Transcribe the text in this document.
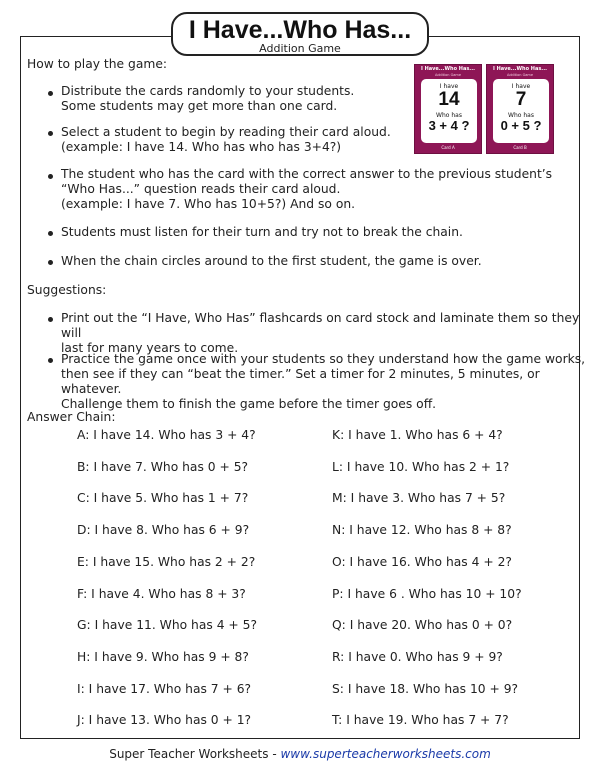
I Have...Who Has...
Addition Game
How to play the game:
Distribute the cards randomly to your students.
Some students may get more than one card.
Select a student to begin by reading their card aloud.
(example: I have 14. Who has who has 3+4?)
The student who has the card with the correct answer to the previous student’s
“Who Has...” question reads their card aloud.
(example: I have 7. Who has 10+5?) And so on.
Students must listen for their turn and try not to break the chain.
When the chain circles around to the first student, the game is over.
Suggestions:
Print out the “I Have, Who Has” flashcards on card stock and laminate them so they will
last for many years to come.
Practice the game once with your students so they understand how the game works,
then see if they can “beat the timer.” Set a timer for 2 minutes, 5 minutes, or whatever.
Challenge them to finish the game before the timer goes off.
I Have...Who Has...
Addition Game
I have
14
Who has
3 + 4 ?
Card A
I Have...Who Has...
Addition Game
I have
7
Who has
0 + 5 ?
Card B
Answer Chain:
A: I have 14. Who has 3 + 4?
B: I have 7. Who has 0 + 5?
C: I have 5. Who has 1 + 7?
D: I have 8. Who has 6 + 9?
E: I have 15. Who has 2 + 2?
F: I have 4. Who has 8 + 3?
G: I have 11. Who has 4 + 5?
H: I have 9. Who has 9 + 8?
I: I have 17. Who has 7 + 6?
J: I have 13. Who has 0 + 1?
K: I have 1. Who has 6 + 4?
L: I have 10. Who has 2 + 1?
M: I have 3. Who has 7 + 5?
N: I have 12. Who has 8 + 8?
O: I have 16. Who has 4 + 2?
P: I have 6 . Who has 10 + 10?
Q: I have 20. Who has 0 + 0?
R: I have 0. Who has 9 + 9?
S: I have 18. Who has 10 + 9?
T: I have 19. Who has 7 + 7?
Super Teacher Worksheets - www.superteacherworksheets.com
